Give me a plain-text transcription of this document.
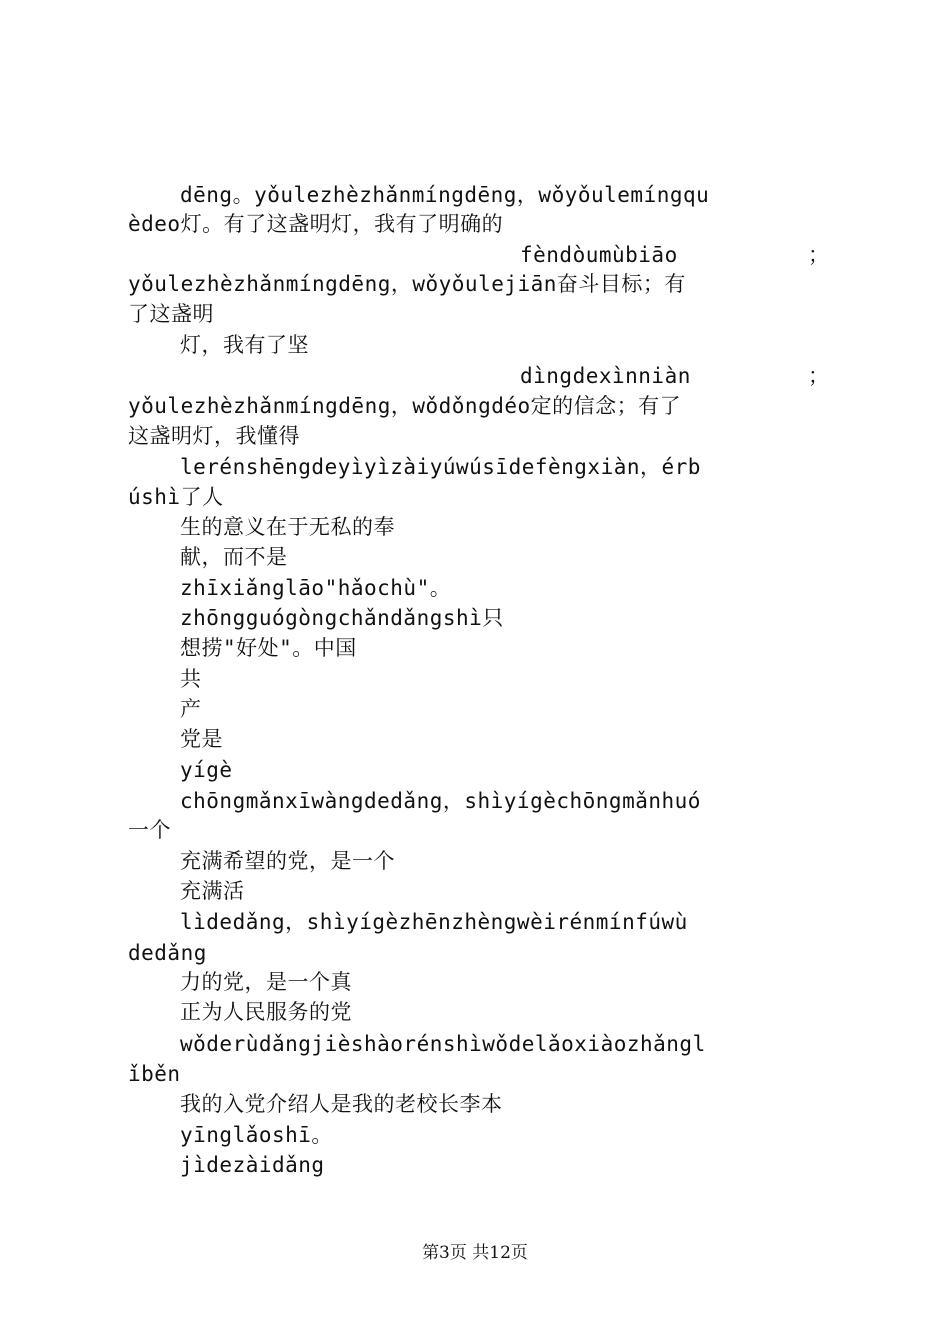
dēng。yǒulezhèzhǎnmíngdēng，wǒyǒulemíngqu
èdeo灯。有了这盏明灯，我有了明确的
fèndòumùbiāo	；
yǒulezhèzhǎnmíngdēng，wǒyǒulejiān奋斗目标；有
了这盏明
灯，我有了坚
dìngdexìnniàn	；
yǒulezhèzhǎnmíngdēng，wǒdǒngdéo定的信念；有了
这盏明灯，我懂得
lerénshēngdeyìyìzàiyúwúsīdefèngxiàn，érb
úshì了人
生的意义在于无私的奉
献，而不是
zhīxiǎnglāo"hǎochù"。
zhōngguógòngchǎndǎngshì只
想捞"好处"。中国
共
产
党是
yígè
chōngmǎnxīwàngdedǎng，shìyígèchōngmǎnhuó
一个
充满希望的党，是一个
充满活
lìdedǎng，shìyígèzhēnzhèngwèirénmínfúwù
dedǎng
力的党，是一个真
正为人民服务的党
wǒderùdǎngjièshàorénshìwǒdelǎoxiàozhǎngl
ǐběn
我的入党介绍人是我的老校长李本
yīnglǎoshī。
jìdezàidǎng
第3页 共12页
